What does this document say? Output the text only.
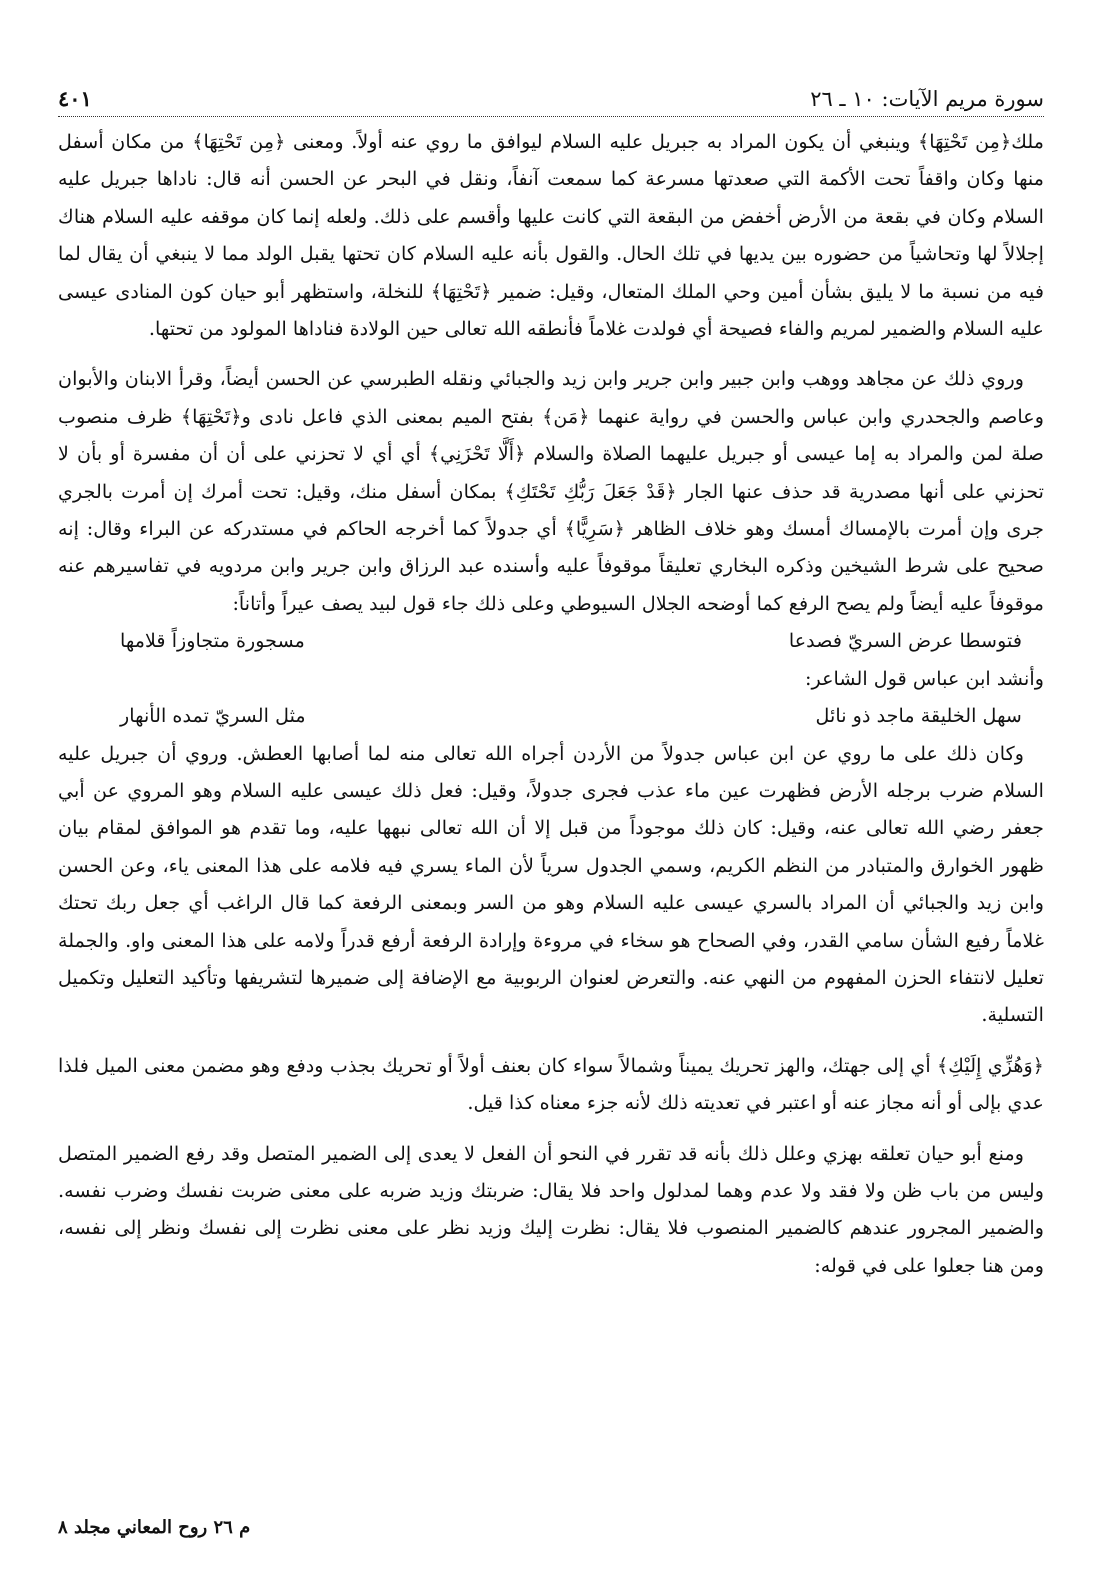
سورة مريم الآيات: ١٠ ـ ٢٦
٤٠١

ملك﴿مِن تَحْتِهَا﴾ وينبغي أن يكون المراد به جبريل عليه السلام ليوافق ما روي عنه أولاً. ومعنى ﴿مِن تَحْتِهَا﴾ من مكان أسفل منها وكان واقفاً تحت الأكمة التي صعدتها مسرعة كما سمعت آنفاً، ونقل في البحر عن الحسن أنه قال: ناداها جبريل عليه السلام وكان في بقعة من الأرض أخفض من البقعة التي كانت عليها وأقسم على ذلك. ولعله إنما كان موقفه عليه السلام هناك إجلالاً لها وتحاشياً من حضوره بين يديها في تلك الحال. والقول بأنه عليه السلام كان تحتها يقبل الولد مما لا ينبغي أن يقال لما فيه من نسبة ما لا يليق بشأن أمين وحي الملك المتعال، وقيل: ضمير ﴿تَحْتِهَا﴾ للنخلة، واستظهر أبو حيان كون المنادى عيسى عليه السلام والضمير لمريم والفاء فصيحة أي فولدت غلاماً فأنطقه الله تعالى حين الولادة فناداها المولود من تحتها.

وروي ذلك عن مجاهد ووهب وابن جبير وابن جرير وابن زيد والجبائي ونقله الطبرسي عن الحسن أيضاً، وقرأ الابنان والأبوان وعاصم والجحدري وابن عباس والحسن في رواية عنهما ﴿مَن﴾ بفتح الميم بمعنى الذي فاعل نادى و﴿تَحْتِهَا﴾ ظرف منصوب صلة لمن والمراد به إما عيسى أو جبريل عليهما الصلاة والسلام ﴿أَلَّا تَحْزَنِي﴾ أي أي لا تحزني على أن أن مفسرة أو بأن لا تحزني على أنها مصدرية قد حذف عنها الجار ﴿قَدْ جَعَلَ رَبُّكِ تَحْتَكِ﴾ بمكان أسفل منك، وقيل: تحت أمرك إن أمرت بالجري جرى وإن أمرت بالإمساك أمسك وهو خلاف الظاهر ﴿سَرِيًّا﴾ أي جدولاً كما أخرجه الحاكم في مستدركه عن البراء وقال: إنه صحيح على شرط الشيخين وذكره البخاري تعليقاً موقوفاً عليه وأسنده عبد الرزاق وابن جرير وابن مردويه في تفاسيرهم عنه موقوفاً عليه أيضاً ولم يصح الرفع كما أوضحه الجلال السيوطي وعلى ذلك جاء قول لبيد يصف عيراً وأتاناً:

فتوسطا عرض السريّ فصدعا
مسجورة متجاوزاً قلامها

وأنشد ابن عباس قول الشاعر:

سهل الخليقة ماجد ذو نائل
مثل السريّ تمده الأنهار

وكان ذلك على ما روي عن ابن عباس جدولاً من الأردن أجراه الله تعالى منه لما أصابها العطش. وروي أن جبريل عليه السلام ضرب برجله الأرض فظهرت عين ماء عذب فجرى جدولاً، وقيل: فعل ذلك عيسى عليه السلام وهو المروي عن أبي جعفر رضي الله تعالى عنه، وقيل: كان ذلك موجوداً من قبل إلا أن الله تعالى نبهها عليه، وما تقدم هو الموافق لمقام بيان ظهور الخوارق والمتبادر من النظم الكريم، وسمي الجدول سرياً لأن الماء يسري فيه فلامه على هذا المعنى ياء، وعن الحسن وابن زيد والجبائي أن المراد بالسري عيسى عليه السلام وهو من السر وبمعنى الرفعة كما قال الراغب أي جعل ربك تحتك غلاماً رفيع الشأن سامي القدر، وفي الصحاح هو سخاء في مروءة وإرادة الرفعة أرفع قدراً ولامه على هذا المعنى واو. والجملة تعليل لانتفاء الحزن المفهوم من النهي عنه. والتعرض لعنوان الربوبية مع الإضافة إلى ضميرها لتشريفها وتأكيد التعليل وتكميل التسلية.

﴿وَهُزِّي إِلَيْكِ﴾ أي إلى جهتك، والهز تحريك يميناً وشمالاً سواء كان بعنف أولاً أو تحريك بجذب ودفع وهو مضمن معنى الميل فلذا عدي بإلى أو أنه مجاز عنه أو اعتبر في تعديته ذلك لأنه جزء معناه كذا قيل.

ومنع أبو حيان تعلقه بهزي وعلل ذلك بأنه قد تقرر في النحو أن الفعل لا يعدى إلى الضمير المتصل وقد رفع الضمير المتصل وليس من باب ظن ولا فقد ولا عدم وهما لمدلول واحد فلا يقال: ضربتك وزيد ضربه على معنى ضربت نفسك وضرب نفسه. والضمير المجرور عندهم كالضمير المنصوب فلا يقال: نظرت إليك وزيد نظر على معنى نظرت إلى نفسك ونظر إلى نفسه، ومن هنا جعلوا على في قوله:

م ٢٦ روح المعاني مجلد ٨
